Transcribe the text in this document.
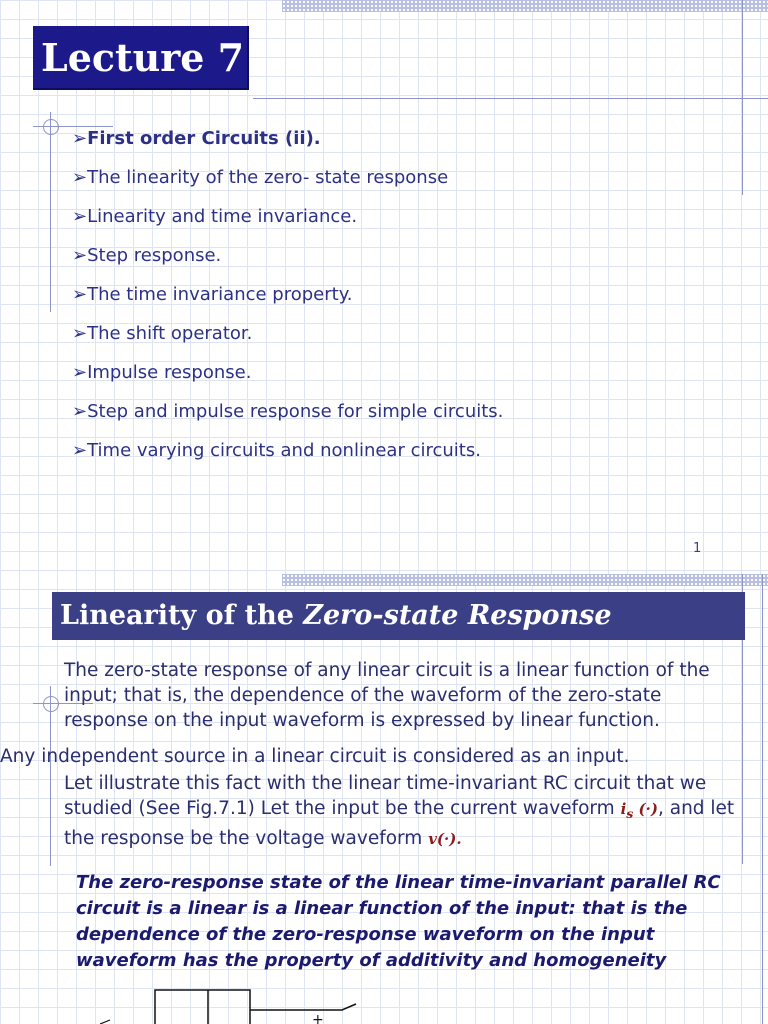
Lecture 7
➢First order Circuits (ii).
➢The linearity of the zero- state response
➢Linearity and time invariance.
➢Step response.
➢The time invariance property.
➢The shift operator.
➢Impulse response.
➢Step and impulse response for simple circuits.
➢Time varying circuits and nonlinear circuits.
1
Linearity of the Zero-state Response

The zero-state response of any linear circuit is a linear function of the input; that is, the dependence of the waveform of the zero-state response on the input waveform is expressed by linear function.

Any independent source in a linear circuit is considered as an input.

Let illustrate this fact with the linear time-invariant RC circuit that we studied (See Fig.7.1) Let the input be the current waveform $i_s$ (·), and let the response be the voltage waveform v(·).

The zero-response state of the linear time-invariant parallel RC circuit is a linear is a linear function of the input: that is the dependence of the zero-response waveform on the input waveform has the property of additivity and homogeneity

+
